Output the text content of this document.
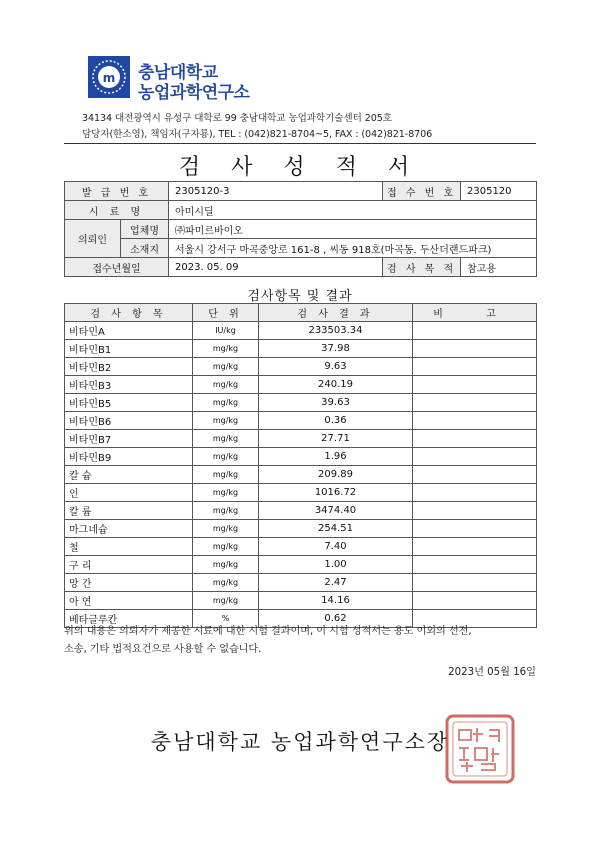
m 충남대학교
농업과학연구소
34134 대전광역시 유성구 대학로 99 충남대학교 농업과학기술센터 205호
담당자(한소영), 책임자(구자룡), TEL : (042)821-8704~5, FAX : (042)821-8706
검 사 성 적 서
발 급 번 호		2305120-3	접 수 번 호	2305120
시 료 명		아미시딜		
의뢰인	업체명	㈜파미르바이오		
	소재지	서울시 강서구 마곡중앙로 161-8 , 씨동 918호(마곡동. 두산더랜드파크)		
접수년월일		2023. 05. 09	검 사 목 적	참고용
검사항목 및 결과
검 사 항 목	단 위	검 사 결 과	비 고
비타민A	IU/kg	233503.34	
비타민B1	mg/kg	37.98	
비타민B2	mg/kg	9.63	
비타민B3	mg/kg	240.19	
비타민B5	mg/kg	39.63	
비타민B6	mg/kg	0.36	
비타민B7	mg/kg	27.71	
비타민B9	mg/kg	1.96	
칼 슘	mg/kg	209.89	
인	mg/kg	1016.72	
칼 륨	mg/kg	3474.40	
마그네슘	mg/kg	254.51	
철	mg/kg	7.40	
구 리	mg/kg	1.00	
망 간	mg/kg	2.47	
아 연	mg/kg	14.16	
베타글루칸	%	0.62	
위의 내용은 의뢰자가 제공한 시료에 대한 시험 결과이며, 이 시험 성적서는 용도 이외의 선전,
소송, 기타 법적요건으로 사용할 수 없습니다.
2023년 05월 16일
충남대학교 농업과학연구소장
